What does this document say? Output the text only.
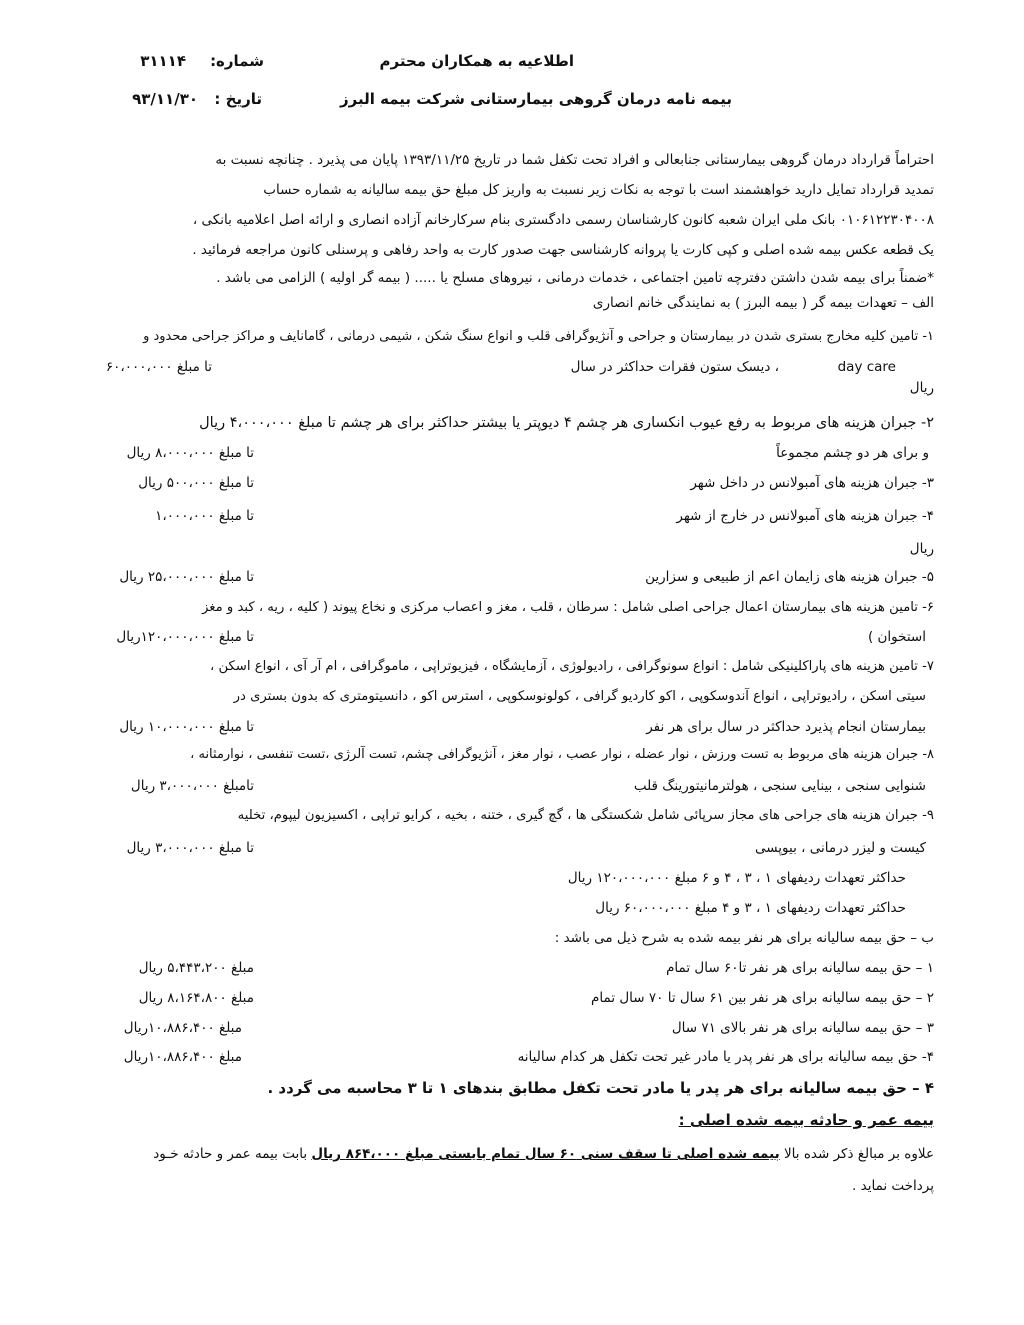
اطلاعیه به همکاران محترم
شماره:
۳۱۱۱۴
بیمه نامه درمان گروهی بیمارستانی شرکت بیمه البرز
تاریخ :
۹۳/۱۱/۳۰
احتراماً قرارداد درمان گروهی بیمارستانی جنابعالی و افراد تحت تکفل شما در تاریخ ۱۳۹۳/۱۱/۲۵ پایان می پذیرد . چنانچه نسبت به
تمدید قرارداد تمایل دارید خواهشمند است با توجه به نکات زیر نسبت به واریز کل مبلغ حق بیمه سالیانه به شماره حساب
۰۱۰۶۱۲۲۳۰۴۰۰۸ بانک ملی ایران شعبه کانون کارشناسان رسمی دادگستری بنام سرکارخانم آزاده انصاری و ارائه اصل اعلامیه بانکی ،
یک قطعه عکس بیمه شده اصلی و کپی کارت یا پروانه کارشناسی جهت صدور کارت به واحد رفاهی و پرسنلی کانون مراجعه فرمائید .
*ضمناً برای بیمه شدن داشتن دفترچه تامین اجتماعی ، خدمات درمانی ، نیروهای مسلح یا ..... ( بیمه گر اولیه ) الزامی می باشد .
الف – تعهدات بیمه گر ( بیمه البرز ) به نمایندگی خانم انصاری
۱- تامین کلیه مخارج بستری شدن در بیمارستان و جراحی و آنژیوگرافی قلب و انواع سنگ شکن ، شیمی درمانی ، گامانایف و مراکز جراحی محدود و
day care
، دیسک ستون فقرات حداکثر در سال
تا مبلغ ۶۰،۰۰۰،۰۰۰
ریال
۲- جبران هزینه های مربوط به رفع عیوب انکساری هر چشم ۴ دیوپتر یا بیشتر حداکثر برای هر چشم تا مبلغ ۴،۰۰۰،۰۰۰ ریال
و برای هر دو چشم مجموعاً
تا مبلغ ۸،۰۰۰،۰۰۰ ریال
۳- جبران هزینه های آمبولانس در داخل شهر
تا مبلغ ۵۰۰،۰۰۰ ریال
۴- جبران هزینه های آمبولانس در خارج از شهر
تا مبلغ ۱،۰۰۰،۰۰۰
ریال
۵- جبران هزینه های زایمان اعم از طبیعی و سزارین
تا مبلغ ۲۵،۰۰۰،۰۰۰ ریال
۶- تامین هزینه های بیمارستان اعمال جراحی اصلی شامل : سرطان ، قلب ، مغز و اعصاب مرکزی و نخاع پیوند ( کلیه ، ریه ، کبد و مغز
استخوان )
تا مبلغ ۱۲۰،۰۰۰،۰۰۰ریال
۷- تامین هزینه های پاراکلینیکی شامل : انواع سونوگرافی ، رادیولوژی ، آزمایشگاه ، فیزیوتراپی ، ماموگرافی ، ام آر آی ، انواع اسکن ،
سیتی اسکن ، رادیوتراپی ، انواع آندوسکوپی ، اکو کاردیو گرافی ، کولونوسکوپی ، استرس اکو ، دانسیتومتری که بدون بستری در
بیمارستان انجام پذیرد حداکثر در سال برای هر نفر
تا مبلغ ۱۰،۰۰۰،۰۰۰ ریال
۸- جبران هزینه های مربوط به تست ورزش ، نوار عضله ، نوار عصب ، نوار مغز ، آنژیوگرافی چشم، تست آلرژی ،تست تنفسی ، نوارمثانه ،
شنوایی سنجی ، بینایی سنجی ، هولترمانیتورینگ قلب
تامبلغ ۳،۰۰۰،۰۰۰ ریال
۹- جبران هزینه های جراحی های مجاز سرپائی شامل شکستگی ها ، گچ گیری ، ختنه ، بخیه ، کرایو تراپی ، اکسیزیون لیپوم، تخلیه
کیست و لیزر درمانی ، بیوپسی
تا مبلغ ۳،۰۰۰،۰۰۰ ریال
حداکثر تعهدات ردیفهای ۱ ، ۳ ، ۴ و ۶ مبلغ ۱۲۰،۰۰۰،۰۰۰ ریال
حداکثر تعهدات ردیفهای ۱ ، ۳ و ۴ مبلغ ۶۰،۰۰۰،۰۰۰ ریال
ب – حق بیمه سالیانه برای هر نفر بیمه شده به شرح ذیل می باشد :
۱ – حق بیمه سالیانه برای هر نفر تا۶۰ سال تمام
مبلغ ۵،۴۴۳،۲۰۰ ریال
۲ – حق بیمه سالیانه برای هر نفر بین ۶۱ سال تا ۷۰ سال تمام
مبلغ ۸،۱۶۴،۸۰۰ ریال
۳ – حق بیمه سالیانه برای هر نفر بالای ۷۱ سال
مبلغ ۱۰،۸۸۶،۴۰۰ریال
۴- حق بیمه سالیانه برای هر نفر پدر یا مادر غیر تحت تکفل هر کدام سالیانه
مبلغ ۱۰،۸۸۶،۴۰۰ریال
۴ – حق بیمه سالیانه برای هر پدر یا مادر تحت تکفل مطابق بندهای ۱ تا ۳ محاسبه می گردد .
بیمه عمر و حادثه بیمه شده اصلی :
علاوه بر مبالغ ذکر شده بالا بیمه شده اصلی تا سقف سنی ۶۰ سال تمام بایستی مبلغ ۸۶۴،۰۰۰ ریال بابت بیمه عمر و حادثه خـود
پرداخت نماید .
